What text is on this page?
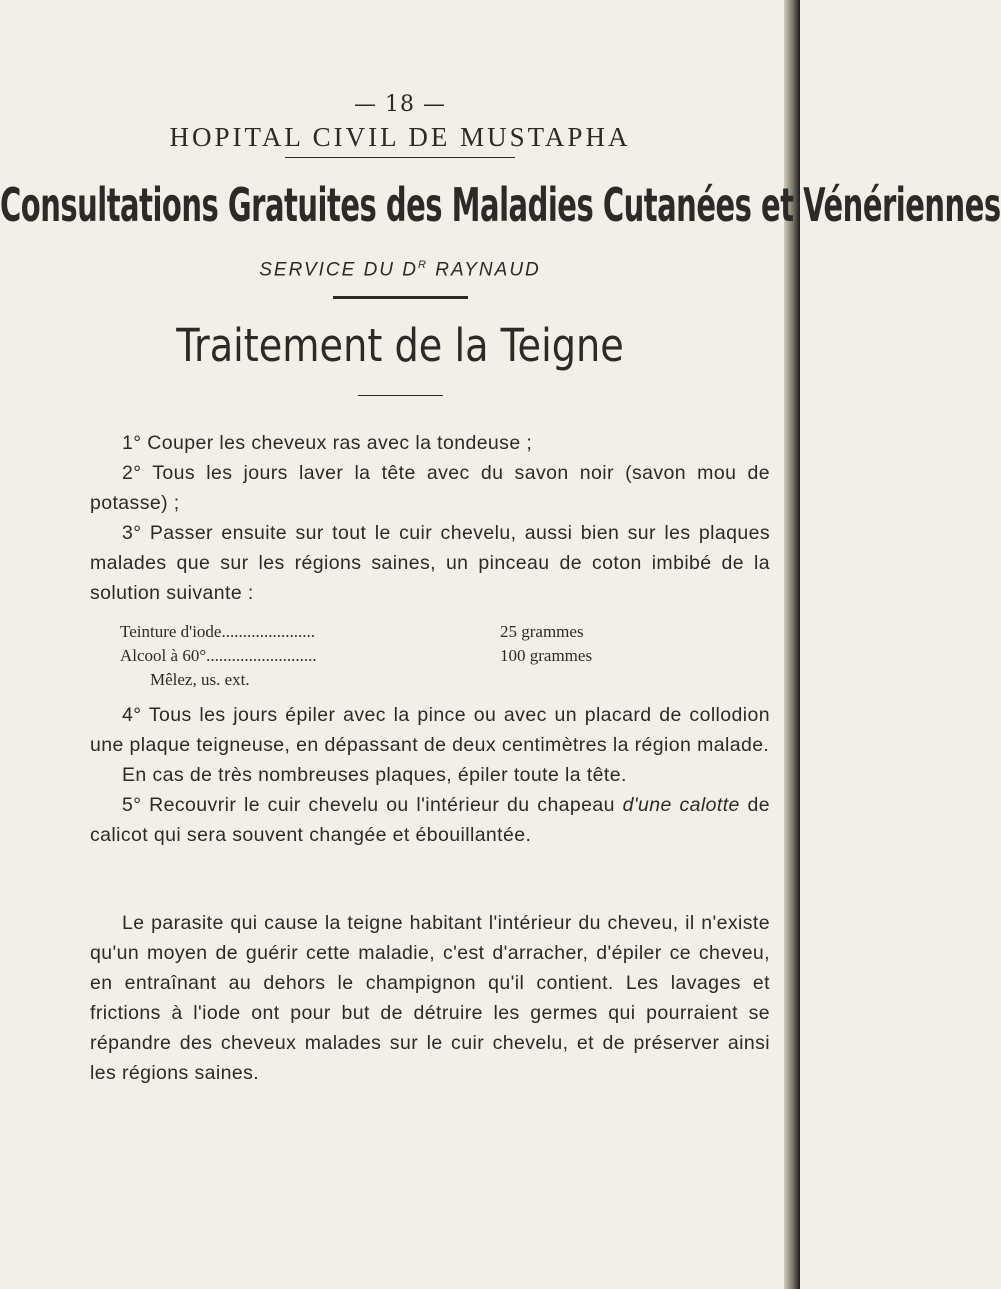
— 18 —
HOPITAL CIVIL DE MUSTAPHA
Consultations Gratuites des Maladies Cutanées et Vénériennes
SERVICE DU $D^R$ RAYNAUD
Traitement de la Teigne

1° Couper les cheveux ras avec la tondeuse ;

2° Tous les jours laver la tête avec du savon noir (savon mou de potasse) ;

3° Passer ensuite sur tout le cuir chevelu, aussi bien sur les plaques malades que sur les régions saines, un pinceau de coton imbibé de la solution suivante :

Teinture d'iode......................	25 grammes
Alcool à 60°..........................	100 grammes
Mêlez, us. ext.

4° Tous les jours épiler avec la pince ou avec un placard de collodion une plaque teigneuse, en dépassant de deux centimètres la région malade.

En cas de très nombreuses plaques, épiler toute la tête.

5° Recouvrir le cuir chevelu ou l'intérieur du chapeau d'une calotte de calicot qui sera souvent changée et ébouillantée.

Le parasite qui cause la teigne habitant l'intérieur du cheveu, il n'existe qu'un moyen de guérir cette maladie, c'est d'arracher, d'épiler ce cheveu, en entraînant au dehors le champignon qu'il contient. Les lavages et frictions à l'iode ont pour but de détruire les germes qui pourraient se répandre des cheveux malades sur le cuir chevelu, et de préserver ainsi les régions saines.
